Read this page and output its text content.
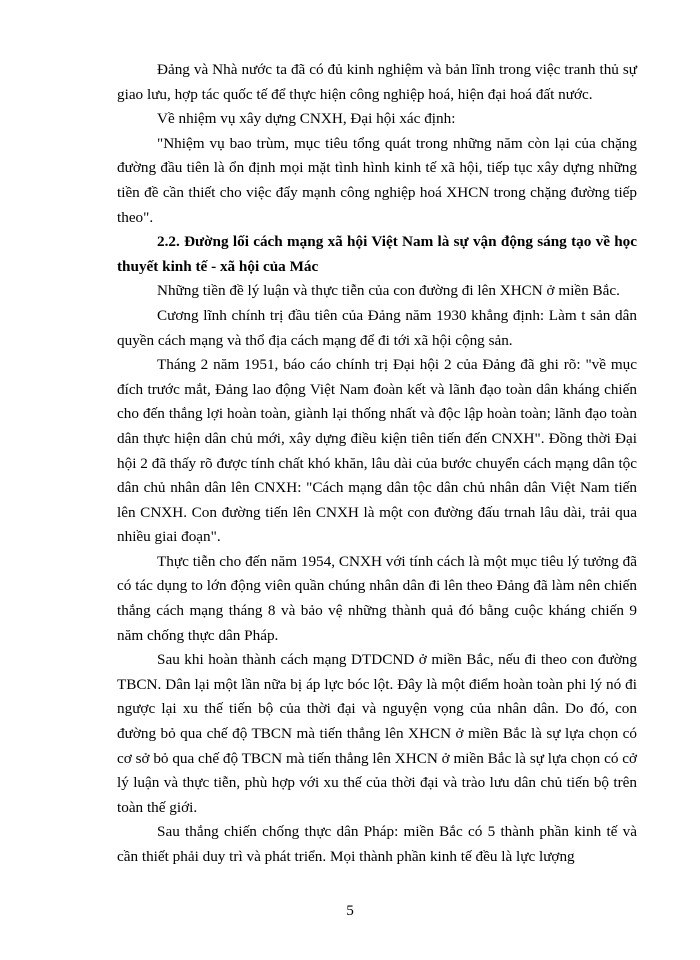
Đảng và Nhà nước ta đã có đủ kinh nghiệm và bản lĩnh trong việc tranh thủ sự giao lưu, hợp tác quốc tế để thực hiện công nghiệp hoá, hiện đại hoá đất nước.

Về nhiệm vụ xây dựng CNXH, Đại hội xác định:

"Nhiệm vụ bao trùm, mục tiêu tổng quát trong những năm còn lại của chặng đường đầu tiên là ổn định mọi mặt tình hình kinh tế xã hội, tiếp tục xây dựng những tiền đề cần thiết cho việc đẩy mạnh công nghiệp hoá XHCN trong chặng đường tiếp theo".

2.2. Đường lối cách mạng xã hội Việt Nam là sự vận động sáng tạo về học thuyết kinh tế - xã hội của Mác

Những tiền đề lý luận và thực tiễn của con đường đi lên XHCN ở miền Bắc.

Cương lĩnh chính trị đầu tiên của Đảng năm 1930 khẳng định: Làm t sản dân quyền cách mạng và thổ địa cách mạng để đi tới xã hội cộng sản.

Tháng 2 năm 1951, báo cáo chính trị Đại hội 2 của Đảng đã ghi rõ: "về mục đích trước mắt, Đảng lao động Việt Nam đoàn kết và lãnh đạo toàn dân kháng chiến cho đến thắng lợi hoàn toàn, giành lại thống nhất và độc lập hoàn toàn; lãnh đạo toàn dân thực hiện dân chủ mới, xây dựng điều kiện tiên tiến đến CNXH". Đồng thời Đại hội 2 đã thấy rõ được tính chất khó khăn, lâu dài của bước chuyển cách mạng dân tộc dân chủ nhân dân lên CNXH: "Cách mạng dân tộc dân chủ nhân dân Việt Nam tiến lên CNXH. Con đường tiến lên CNXH là một con đường đấu trnah lâu dài, trải qua nhiều giai đoạn".

Thực tiễn cho đến năm 1954, CNXH với tính cách là một mục tiêu lý tưởng đã có tác dụng to lớn động viên quần chúng nhân dân đi lên theo Đảng đã làm nên chiến thắng cách mạng tháng 8 và bảo vệ những thành quả đó bằng cuộc kháng chiến 9 năm chống thực dân Pháp.

Sau khi hoàn thành cách mạng DTDCND ở miền Bắc, nếu đi theo con đường TBCN. Dân lại một lần nữa bị áp lực bóc lột. Đây là một điểm hoàn toàn phi lý nó đi ngược lại xu thế tiến bộ của thời đại và nguyện vọng của nhân dân. Do đó, con đường bỏ qua chế độ TBCN mà tiến thẳng lên XHCN ở miền Bắc là sự lựa chọn có cơ sở bỏ qua chế độ TBCN mà tiến thẳng lên XHCN ở miền Bắc là sự lựa chọn có cở lý luận và thực tiễn, phù hợp với xu thế của thời đại và trào lưu dân chủ tiến bộ trên toàn thế giới.

Sau thắng chiến chống thực dân Pháp: miền Bắc có 5 thành phần kinh tế và cần thiết phải duy trì và phát triển. Mọi thành phần kinh tế đều là lực lượng

5
